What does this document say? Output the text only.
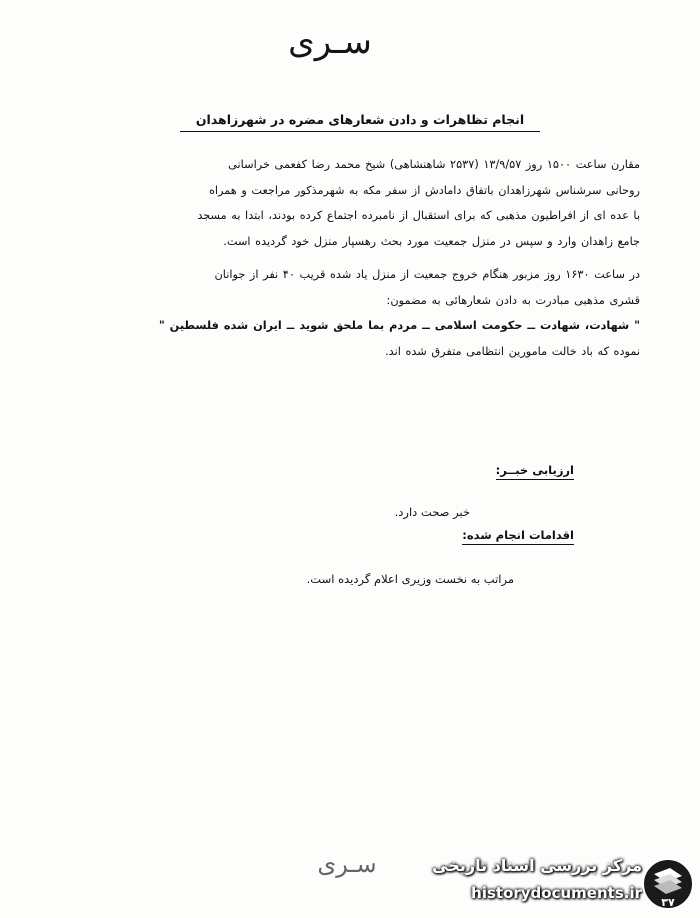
سـری
انجام تظاهرات و دادن شعارهای مضره در شهرزاهدان

مقارن ساعت ۱۵۰۰ روز ۱۳/۹/۵۷ (۲۵۳۷ شاهنشاهی) شیخ محمد رضا کفعمی خراسانی
روحانی سرشناس شهرزاهدان باتفاق دامادش از سفر مکه به شهرمذکور مراجعت و همراه
با عده ای از افراطیون مذهبی که برای استقبال از نامبرده اجتماع کرده بودند، ابتدا به مسجد
جامع زاهدان وارد و سپس در منزل جمعیت مورد بحث رهسپار منزل خود گردیده است.

در ساعت ۱۶۳۰ روز مزبور هنگام خروج جمعیت از منزل یاد شده قریب ۴۰ نفر از جوانان
قشری مذهبی مبادرت به دادن شعارهائی به مضمون:
" شهادت، شهادت ــ حکومت اسلامی ــ مردم بما ملحق شوید ــ ایران شده فلسطین "
نموده که باد خالت مامورین انتظامی متفرق شده اند.

ارزیابی خبــر:
خبر صحت دارد.
اقدامات انجام شده:
مراتب به نخست وزیری اعلام گردیده است.
سـری	مرکز بررسی اسناد تاریخی
historydocuments.ir
۳۷
